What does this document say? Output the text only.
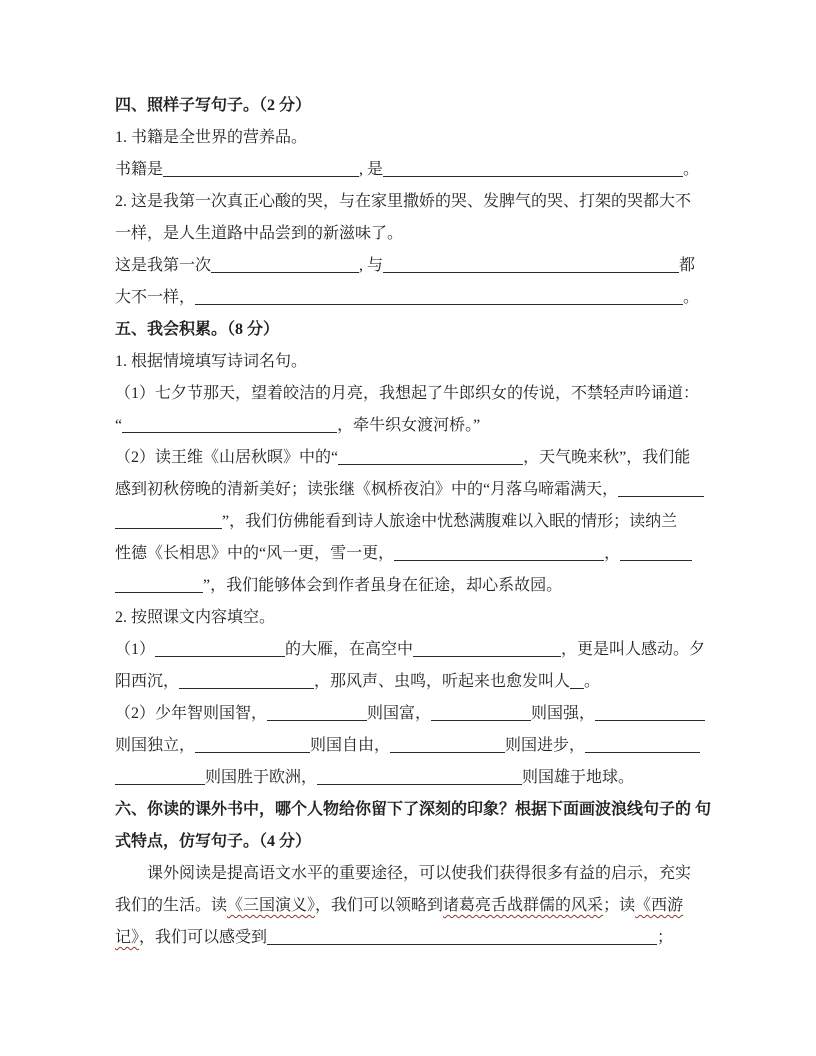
四、照样子写句子。（2 分）
1. 书籍是全世界的营养品。
书籍是	, 是	。
2. 这是我第一次真正心酸的哭，与在家里撒娇的哭、发脾气的哭、打架的哭都大不
一样，是人生道路中品尝到的新滋味了。
这是我第一次	, 与	都
大不一样，	。
五、我会积累。（8 分）
1. 根据情境填写诗词名句。
（1）七夕节那天，望着皎洁的月亮，我想起了牛郎织女的传说，不禁轻声吟诵道：
“	，牵牛织女渡河桥。”
（2）读王维《山居秋暝》中的“	，天气晚来秋”，我们能
感到初秋傍晚的清新美好；读张继《枫桥夜泊》中的“月落乌啼霜满天，
”，我们仿佛能看到诗人旅途中忧愁满腹难以入眠的情形；读纳兰
性德《长相思》中的“风一更，雪一更，	，
”，我们能够体会到作者虽身在征途，却心系故园。
2. 按照课文内容填空。
（1）	的大雁，在高空中	，更是叫人感动。夕
阳西沉，	，那风声、虫鸣，听起来也愈发叫人 。
（2）少年智则国智，	则国富，	则国强，
则国独立，	则国自由，	则国进步，
则国胜于欧洲，	则国雄于地球。
六、你读的课外书中，哪个人物给你留下了深刻的印象？根据下面画波浪线句子的 句
式特点，仿写句子。（4 分）
课外阅读是提高语文水平的重要途径，可以使我们获得很多有益的启示，充实
我们的生活。读《三国演义》，我们可以领略到诸葛亮舌战群儒的风采；读《西游
记》，我们可以感受到	；
